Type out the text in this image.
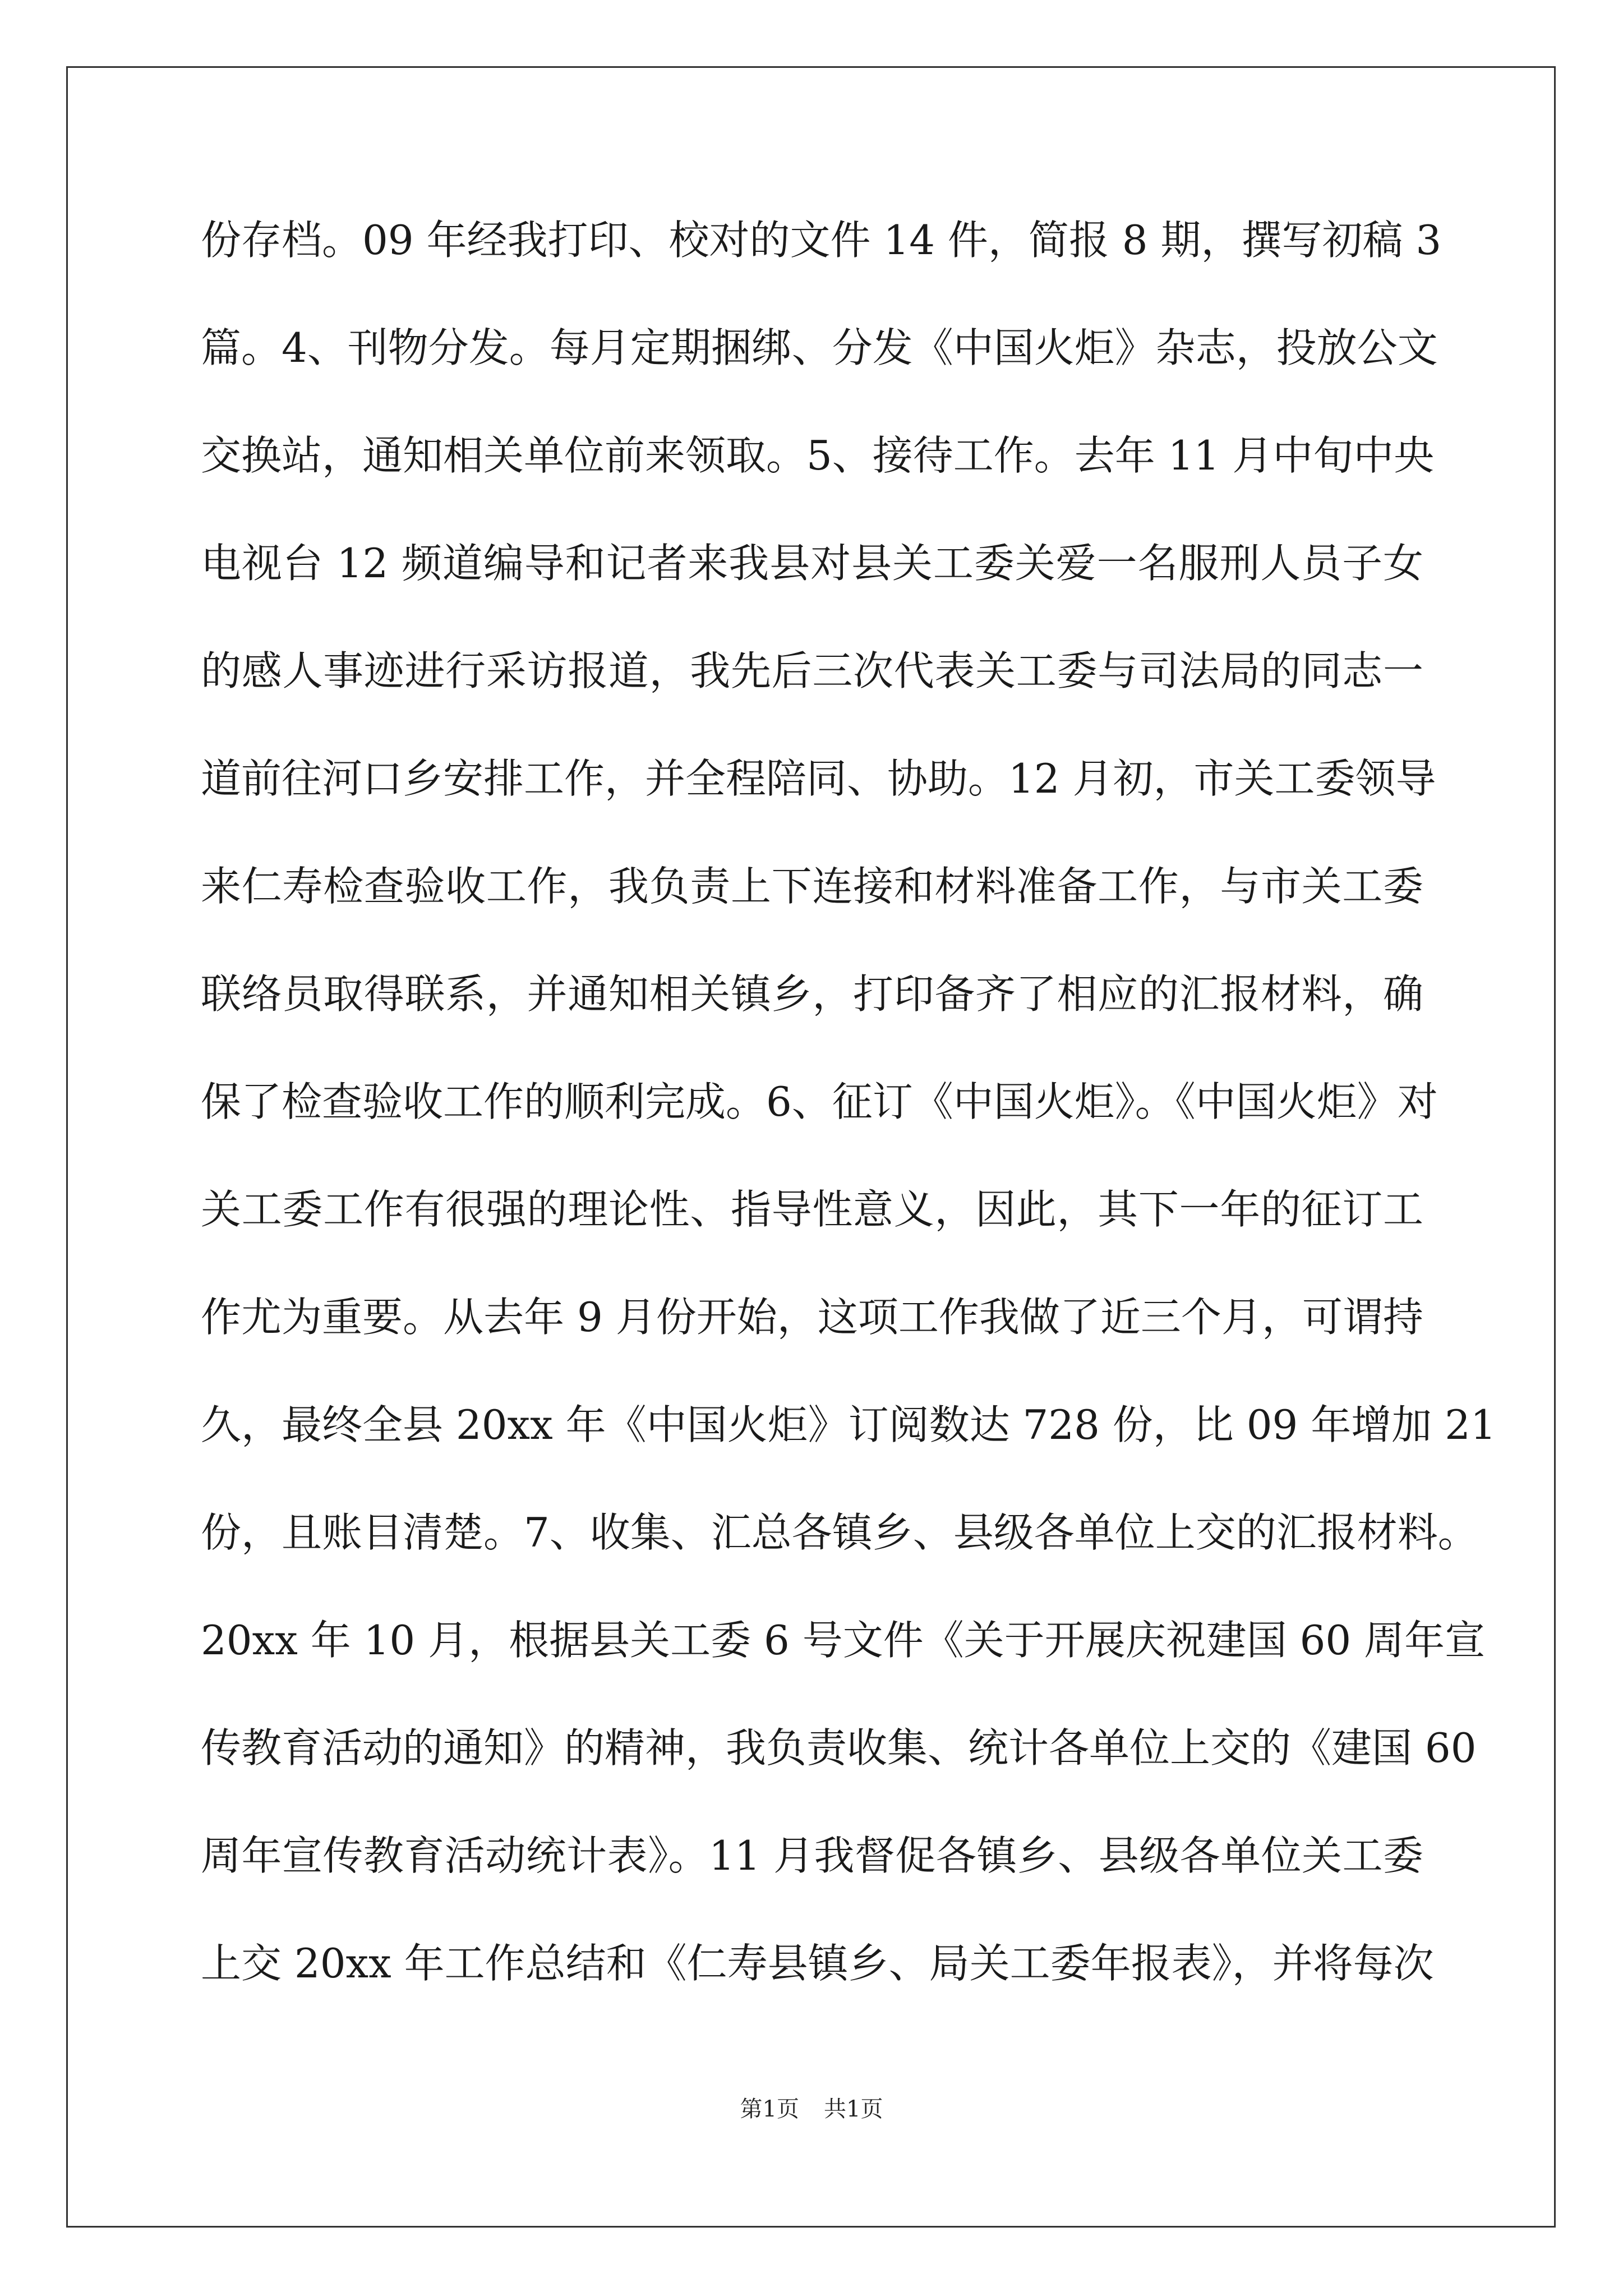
份存档。09 年经我打印、校对的文件 14 件，简报 8 期，撰写初稿 3
篇。4、刊物分发。每月定期捆绑、分发《中国火炬》杂志，投放公文
交换站，通知相关单位前来领取。5、接待工作。去年 11 月中旬中央
电视台 12 频道编导和记者来我县对县关工委关爱一名服刑人员子女
的感人事迹进行采访报道，我先后三次代表关工委与司法局的同志一
道前往河口乡安排工作，并全程陪同、协助。12 月初，市关工委领导
来仁寿检查验收工作，我负责上下连接和材料准备工作，与市关工委
联络员取得联系，并通知相关镇乡，打印备齐了相应的汇报材料，确
保了检查验收工作的顺利完成。6、征订《中国火炬》。《中国火炬》对
关工委工作有很强的理论性、指导性意义，因此，其下一年的征订工
作尤为重要。从去年 9 月份开始，这项工作我做了近三个月，可谓持
久，最终全县 20xx 年《中国火炬》订阅数达 728 份，比 09 年增加 21
份，且账目清楚。7、收集、汇总各镇乡、县级各单位上交的汇报材料。
20xx 年 10 月，根据县关工委 6 号文件《关于开展庆祝建国 60 周年宣
传教育活动的通知》的精神，我负责收集、统计各单位上交的《建国 60
周年宣传教育活动统计表》。11 月我督促各镇乡、县级各单位关工委
上交 20xx 年工作总结和《仁寿县镇乡、局关工委年报表》，并将每次
第1页 共1页
